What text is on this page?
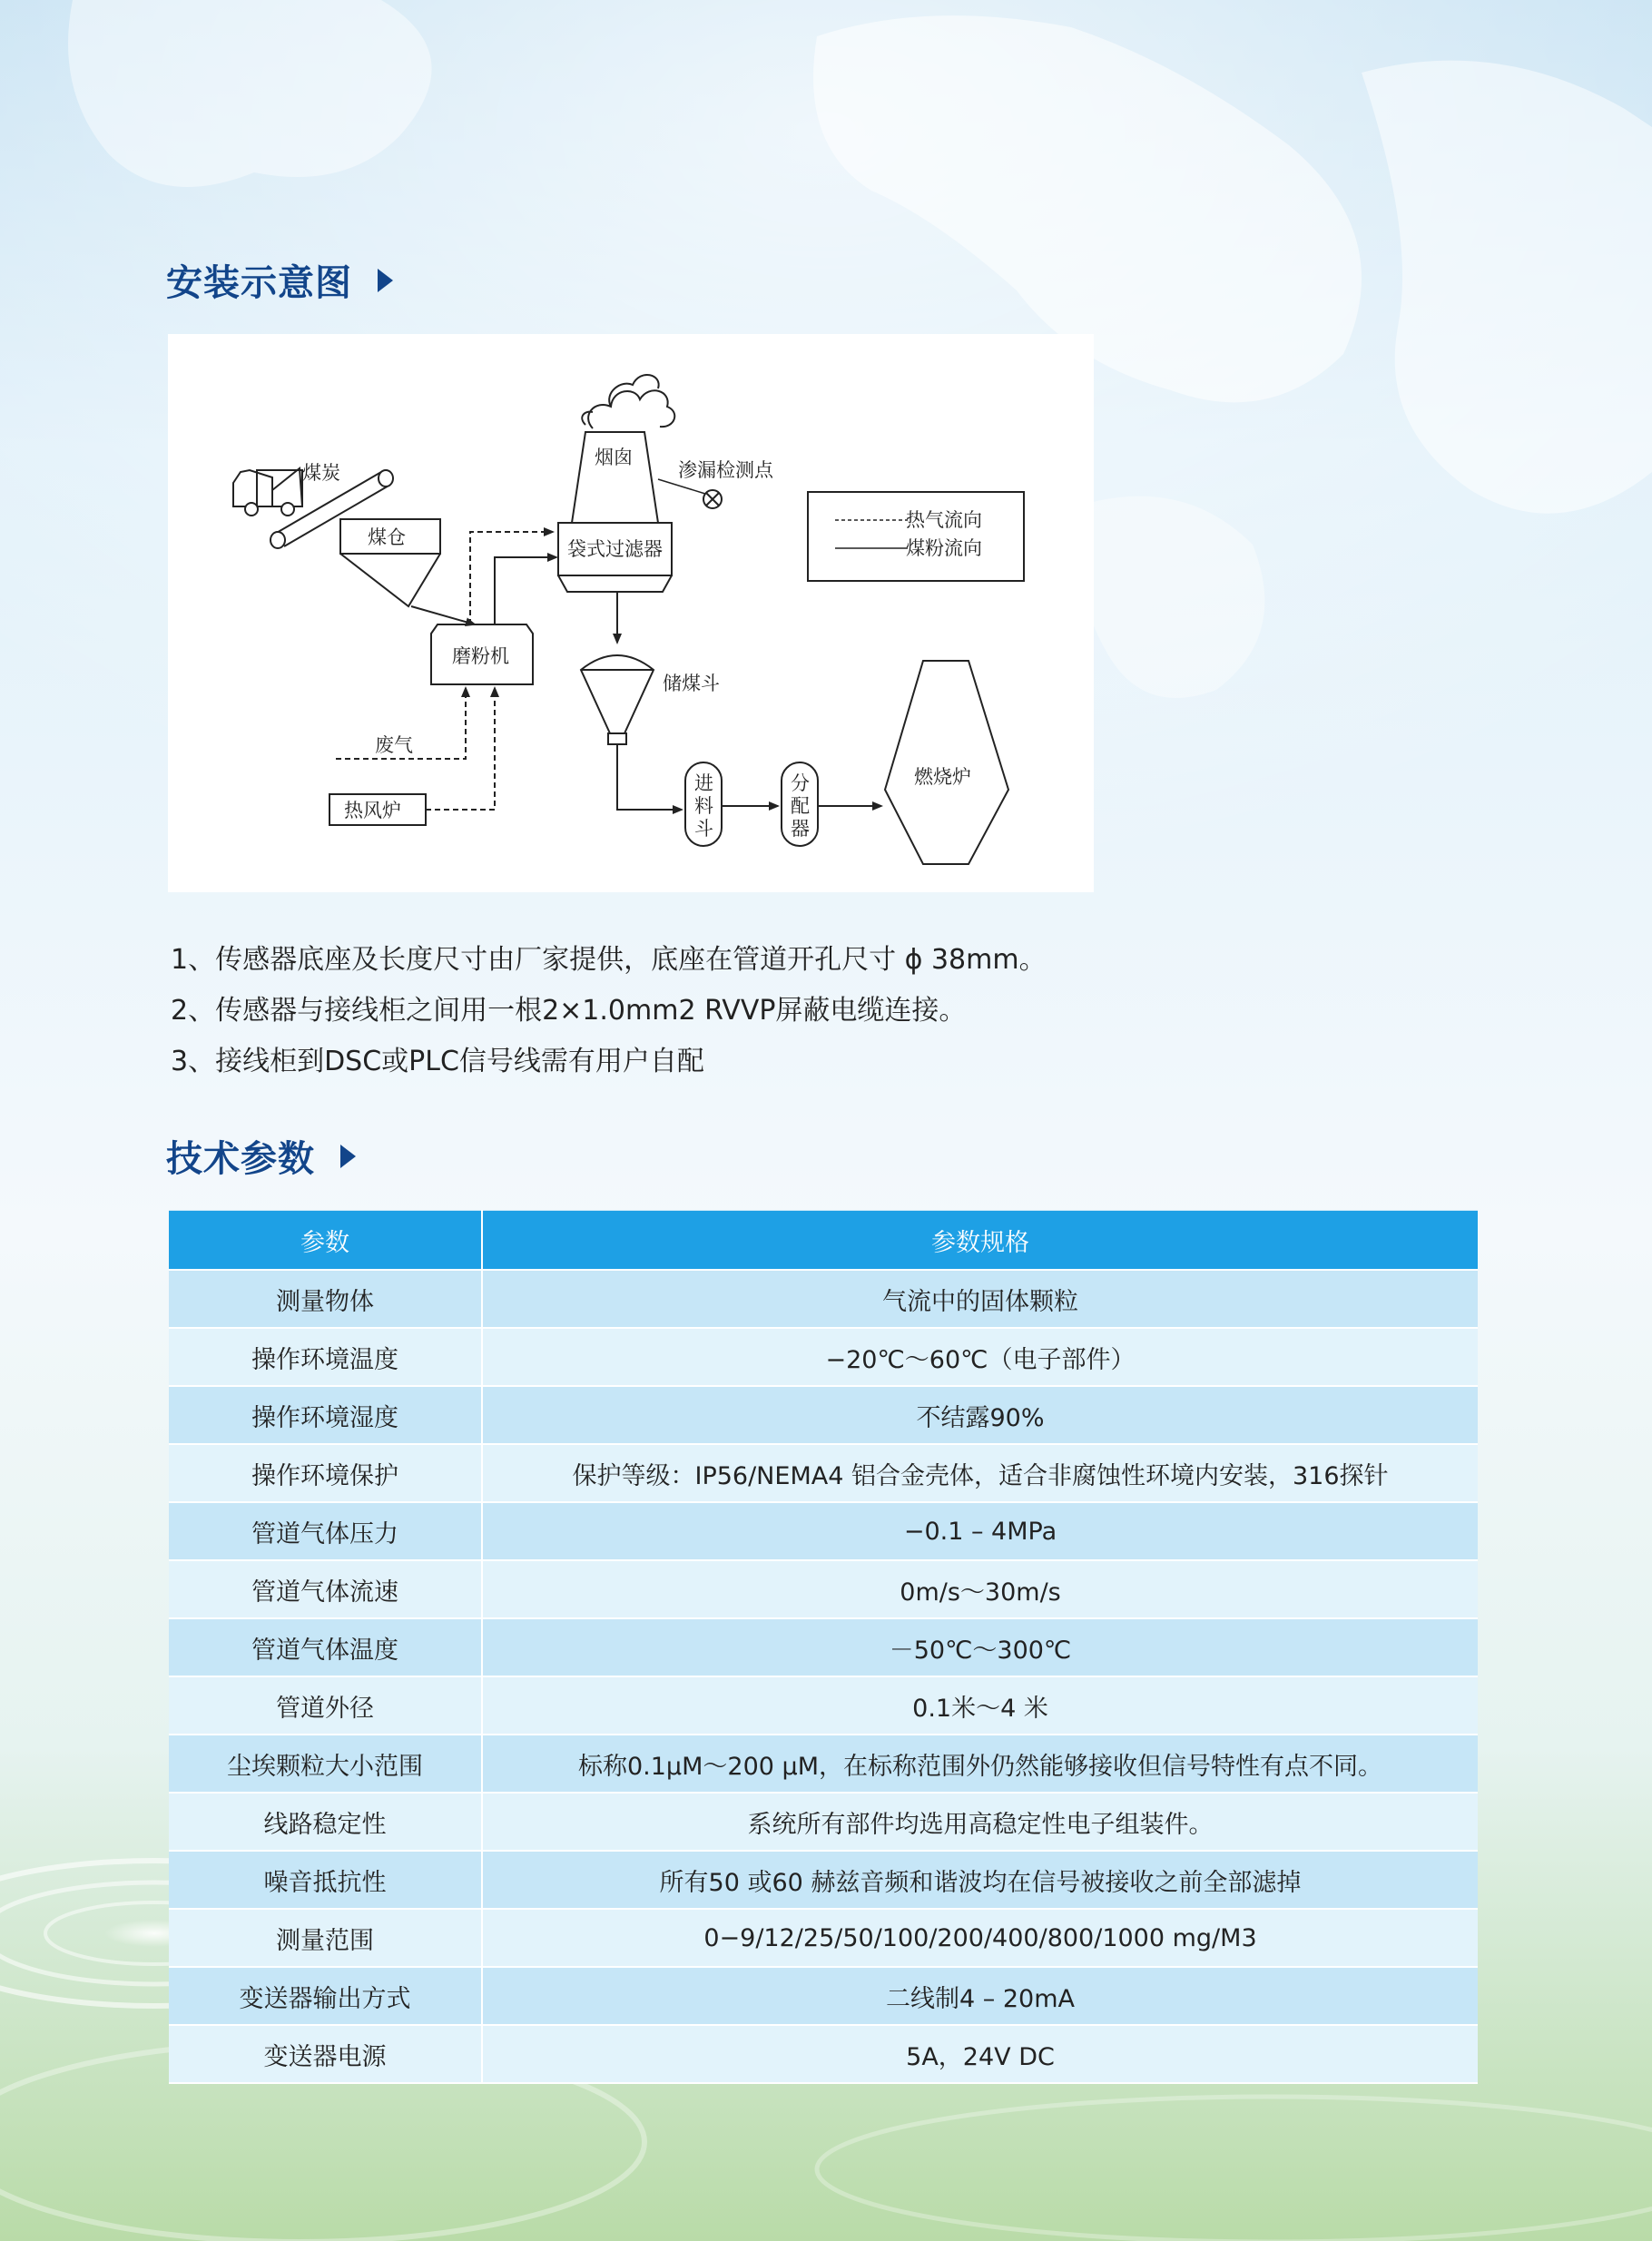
安装示意图
煤炭
煤仓
烟囱
渗漏检测点
袋式过滤器
磨粉机
储煤斗
废气
热风炉
进
料
斗
分
配
器
燃烧炉
热气流向
煤粉流向
1、传感器底座及长度尺寸由厂家提供，底座在管道开孔尺寸 ϕ 38mm。
2、传感器与接线柜之间用一根2×1.0mm2 RVVP屏蔽电缆连接。
3、接线柜到DSC或PLC信号线需有用户自配
技术参数
参数	参数规格
测量物体	气流中的固体颗粒
操作环境温度	−20℃～60℃（电子部件）
操作环境湿度	不结露90%
操作环境保护	保护等级：IP56/NEMA4 铝合金壳体，适合非腐蚀性环境内安装，316探针
管道气体压力	−0.1 – 4MPa
管道气体流速	0m/s～30m/s
管道气体温度	－50℃～300℃
管道外径	0.1米～4 米
尘埃颗粒大小范围	标称0.1μM～200 μM，在标称范围外仍然能够接收但信号特性有点不同。
线路稳定性	系统所有部件均选用高稳定性电子组装件。
噪音抵抗性	所有50 或60 赫兹音频和谐波均在信号被接收之前全部滤掉
测量范围	0−9/12/25/50/100/200/400/800/1000 mg/M3
变送器输出方式	二线制4 – 20mA
变送器电源	5A，24V DC
